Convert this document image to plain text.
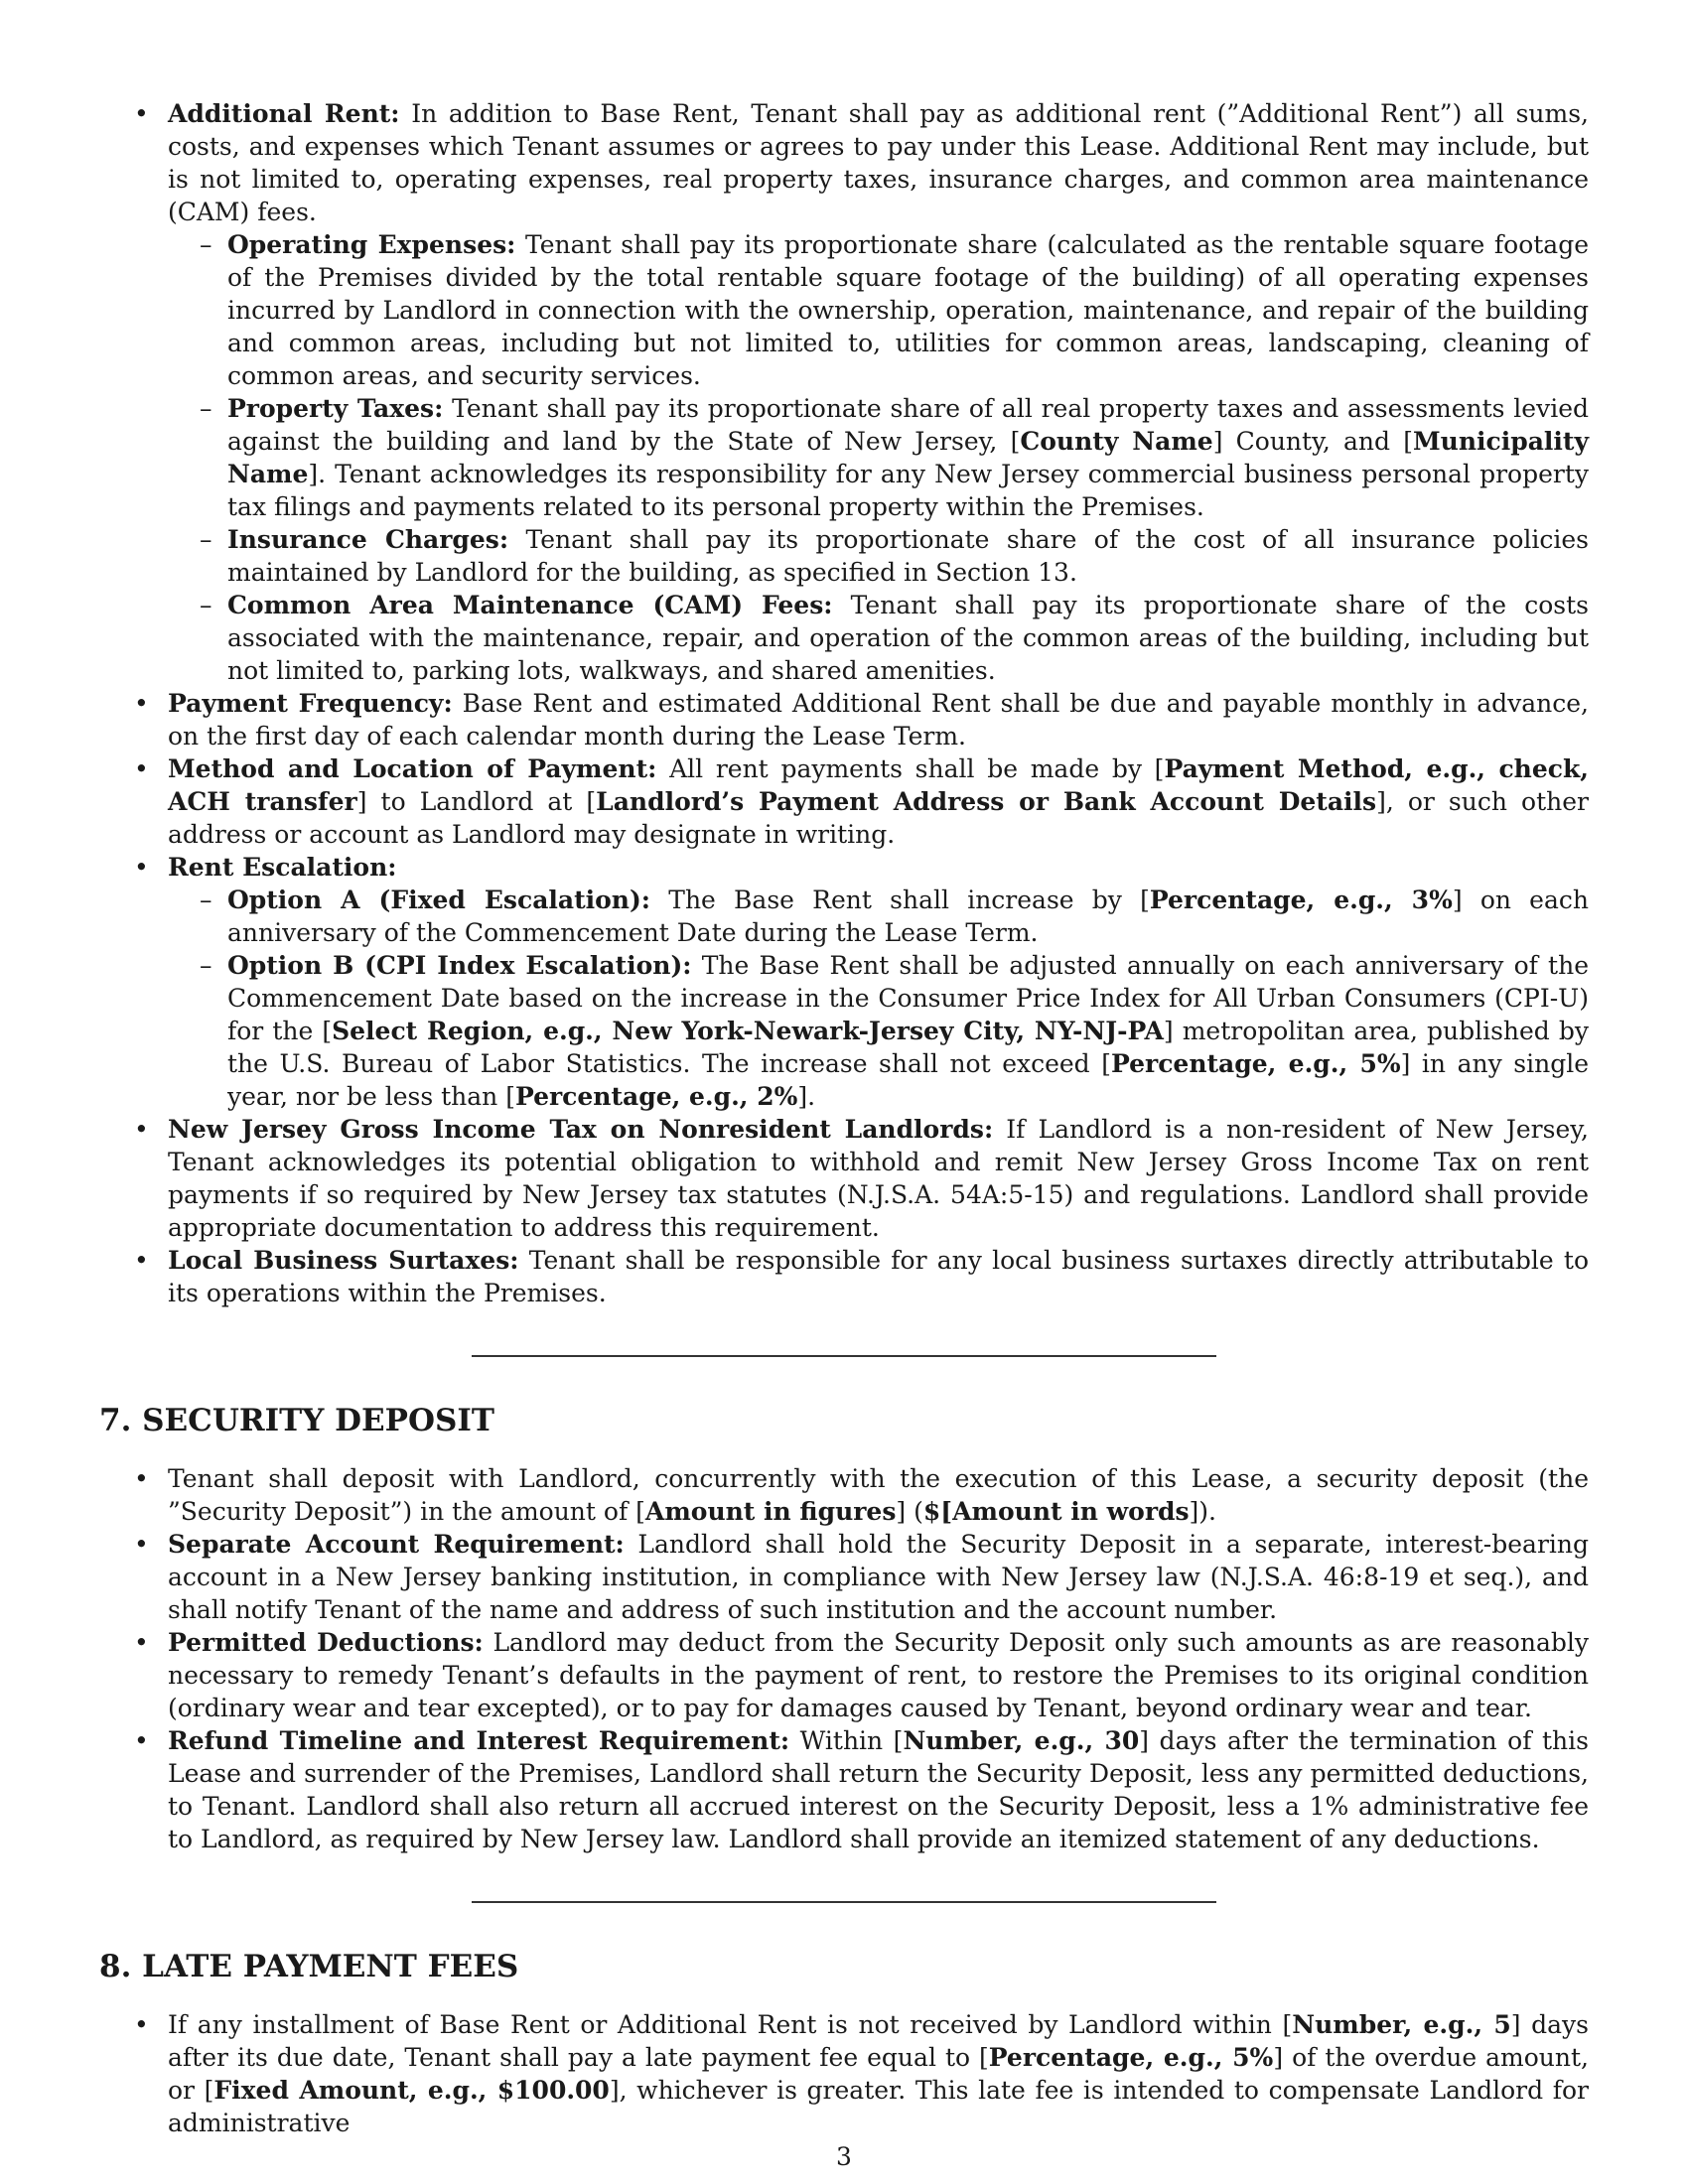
• Additional Rent: In addition to Base Rent, Tenant shall pay as additional rent (”Additional Rent”) all sums, costs, and expenses which Tenant assumes or agrees to pay under this Lease. Additional Rent may include, but is not limited to, operating expenses, real property taxes, insurance charges, and common area maintenance (CAM) fees.
– Operating Expenses: Tenant shall pay its proportionate share (calculated as the rentable square footage of the Premises divided by the total rentable square footage of the building) of all operating expenses incurred by Landlord in connection with the ownership, operation, maintenance, and repair of the building and common areas, including but not limited to, utilities for common areas, landscaping, cleaning of common areas, and security services.
– Property Taxes: Tenant shall pay its proportionate share of all real property taxes and assessments levied against the building and land by the State of New Jersey, [County Name] County, and [Municipality Name]. Tenant acknowledges its responsibility for any New Jersey commercial business personal property tax filings and payments related to its personal property within the Premises.
– Insurance Charges: Tenant shall pay its proportionate share of the cost of all insurance policies maintained by Landlord for the building, as specified in Section 13.
– Common Area Maintenance (CAM) Fees: Tenant shall pay its proportionate share of the costs associated with the maintenance, repair, and operation of the common areas of the building, including but not limited to, parking lots, walkways, and shared amenities.
• Payment Frequency: Base Rent and estimated Additional Rent shall be due and payable monthly in advance, on the first day of each calendar month during the Lease Term.
• Method and Location of Payment: All rent payments shall be made by [Payment Method, e.g., check, ACH transfer] to Landlord at [Landlord’s Payment Address or Bank Account Details], or such other address or account as Landlord may designate in writing.
• Rent Escalation:
– Option A (Fixed Escalation): The Base Rent shall increase by [Percentage, e.g., 3%] on each anniversary of the Commencement Date during the Lease Term.
– Option B (CPI Index Escalation): The Base Rent shall be adjusted annually on each anniversary of the Commencement Date based on the increase in the Consumer Price Index for All Urban Consumers (CPI-U) for the [Select Region, e.g., New York-Newark-Jersey City, NY-NJ-PA] metropolitan area, published by the U.S. Bureau of Labor Statistics. The increase shall not exceed [Percentage, e.g., 5%] in any single year, nor be less than [Percentage, e.g., 2%].
• New Jersey Gross Income Tax on Nonresident Landlords: If Landlord is a non-resident of New Jersey, Tenant acknowledges its potential obligation to withhold and remit New Jersey Gross Income Tax on rent payments if so required by New Jersey tax statutes (N.J.S.A. 54A:5-15) and regulations. Landlord shall provide appropriate documentation to address this requirement.
• Local Business Surtaxes: Tenant shall be responsible for any local business surtaxes directly attributable to its operations within the Premises.
7. SECURITY DEPOSIT
• Tenant shall deposit with Landlord, concurrently with the execution of this Lease, a security deposit (the ”Security Deposit”) in the amount of [Amount in figures] ($[Amount in words]).
• Separate Account Requirement: Landlord shall hold the Security Deposit in a separate, interest-bearing account in a New Jersey banking institution, in compliance with New Jersey law (N.J.S.A. 46:8-19 et seq.), and shall notify Tenant of the name and address of such institution and the account number.
• Permitted Deductions: Landlord may deduct from the Security Deposit only such amounts as are reasonably necessary to remedy Tenant’s defaults in the payment of rent, to restore the Premises to its original condition (ordinary wear and tear excepted), or to pay for damages caused by Tenant, beyond ordinary wear and tear.
• Refund Timeline and Interest Requirement: Within [Number, e.g., 30] days after the termination of this Lease and surrender of the Premises, Landlord shall return the Security Deposit, less any permitted deductions, to Tenant. Landlord shall also return all accrued interest on the Security Deposit, less a 1% administrative fee to Landlord, as required by New Jersey law. Landlord shall provide an itemized statement of any deductions.
8. LATE PAYMENT FEES
• If any installment of Base Rent or Additional Rent is not received by Landlord within [Number, e.g., 5] days after its due date, Tenant shall pay a late payment fee equal to [Percentage, e.g., 5%] of the overdue amount, or [Fixed Amount, e.g., $100.00], whichever is greater. This late fee is intended to compensate Landlord for administrative
3
